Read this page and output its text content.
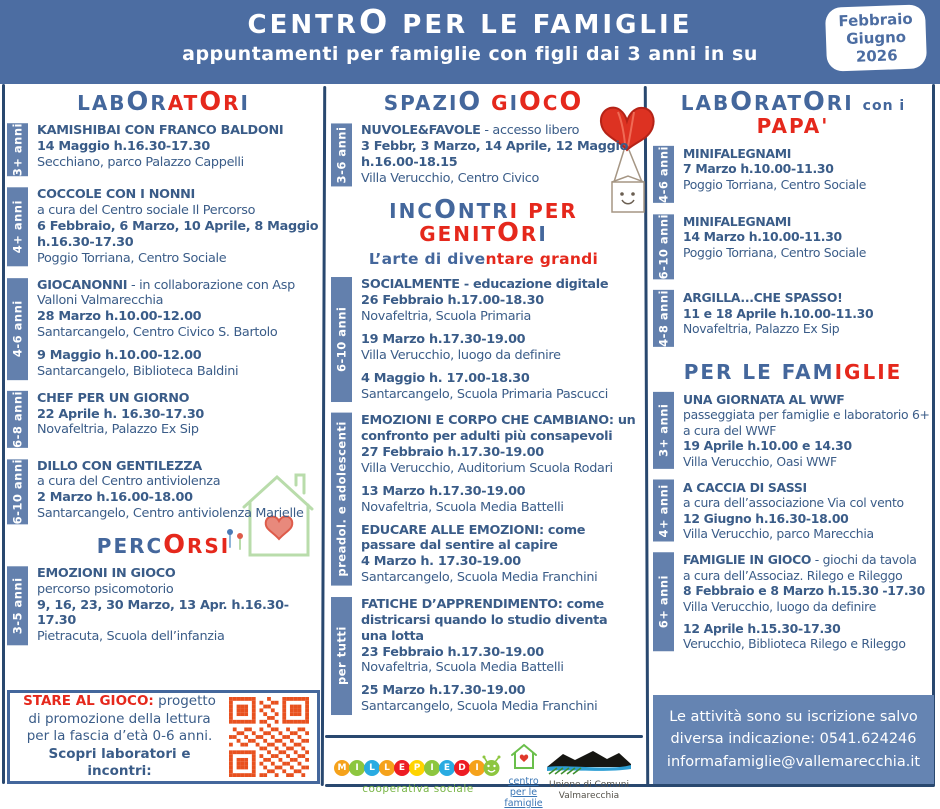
CENTRO PER LE FAMIGLIE
appuntamenti per famiglie con figli dai 3 anni in su
Febbraio
Giugno
2026
LABORATORI
3+ anni KAMISHIBAI CON FRANCO BALDONI

14 Maggio h.16.30-17.30

Secchiano, parco Palazzo Cappelli

4+ anni

COCCOLE CON I NONNI

a cura del Centro sociale Il Percorso

6 Febbraio, 6 Marzo, 10 Aprile, 8 Maggio h.16.30-17.30

Poggio Torriana, Centro Sociale

4-6 anni

GIOCANONNI - in collaborazione con Asp Valloni Valmarecchia

28 Marzo h.10.00-12.00

Santarcangelo, Centro Civico S. Bartolo

9 Maggio h.10.00-12.00

Santarcangelo, Biblioteca Baldini

6-8 anni CHEF PER UN GIORNO

22 Aprile h. 16.30-17.30

Novafeltria, Palazzo Ex Sip

6-10 anni DILLO CON GENTILEZZA

a cura del Centro antiviolenza

2 Marzo h.16.00-18.00

Santarcangelo, Centro antiviolenza Marielle

PERCORSI
3-5 anni

EMOZIONI IN GIOCO

percorso psicomotorio

9, 16, 23, 30 Marzo, 13 Apr. h.16.30-17.30

Pietracuta, Scuola dell’infanzia

SPAZIO GIOCO
3-6 anni NUVOLE&FAVOLE - accesso libero

3 Febbr, 3 Marzo, 14 Aprile, 12 Maggio h.16.00-18.15

Villa Verucchio, Centro Civico

INCONTRI PER GENITORI
L’arte di diventare grandi
6-10 anni

SOCIALMENTE - educazione digitale

26 Febbraio h.17.00-18.30

Novafeltria, Scuola Primaria

19 Marzo h.17.30-19.00

Villa Verucchio, luogo da definire

4 Maggio h. 17.00-18.30

Santarcangelo, Scuola Primaria Pascucci

preadol. e adolescenti

EMOZIONI E CORPO CHE CAMBIANO: un confronto per adulti più consapevoli

27 Febbraio h.17.30-19.00

Villa Verucchio, Auditorium Scuola Rodari

13 Marzo h.17.30-19.00

Novafeltria, Scuola Media Battelli

EDUCARE ALLE EMOZIONI: come passare dal sentire al capire

4 Marzo h. 17.30-19.00

Santarcangelo, Scuola Media Franchini

per tutti

FATICHE D’APPRENDIMENTO: come districarsi quando lo studio diventa una lotta

23 Febbraio h.17.30-19.00

Novafeltria, Scuola Media Battelli

25 Marzo h.17.30-19.00

Santarcangelo, Scuola Media Franchini

LABORATORI con i PAPA'
4-6 anni MINIFALEGNAMI

7 Marzo h.10.00-11.30

Poggio Torriana, Centro Sociale

6-10 anni MINIFALEGNAMI

14 Marzo h.10.00-11.30

Poggio Torriana, Centro Sociale

4-8 anni ARGILLA...CHE SPASSO!

11 e 18 Aprile h.10.00-11.30

Novafeltria, Palazzo Ex Sip

PER LE FAMIGLIE
3+ anni

UNA GIORNATA AL WWF

passeggiata per famiglie e laboratorio 6+ a cura del WWF

19 Aprile h.10.00 e 14.30

Villa Verucchio, Oasi WWF

4+ anni A CACCIA DI SASSI

a cura dell’associazione Via col vento

12 Giugno h.16.30-18.00

Villa Verucchio, parco Marecchia

6+ anni

FAMIGLIE IN GIOCO - giochi da tavola

a cura dell’Associaz. Rilego e Rileggo

8 Febbraio e 8 Marzo h.15.30 -17.30

Villa Verucchio, luogo da definire

12 Aprile h.15.30-17.30

Verucchio, Biblioteca Rilego e Rileggo

STARE AL GIOCO: progetto di promozione della lettura per la fascia d’età 0-6 anni.
Scopri laboratori e incontri:
Le attività sono su iscrizione salvo
diversa indicazione: 0541.624246
informafamiglie@vallemarecchia.it
M I	L	L	E P	I	E D	I
cooperativa sociale
centro per le famiglie
Unione di Comuni
Valmarecchia
